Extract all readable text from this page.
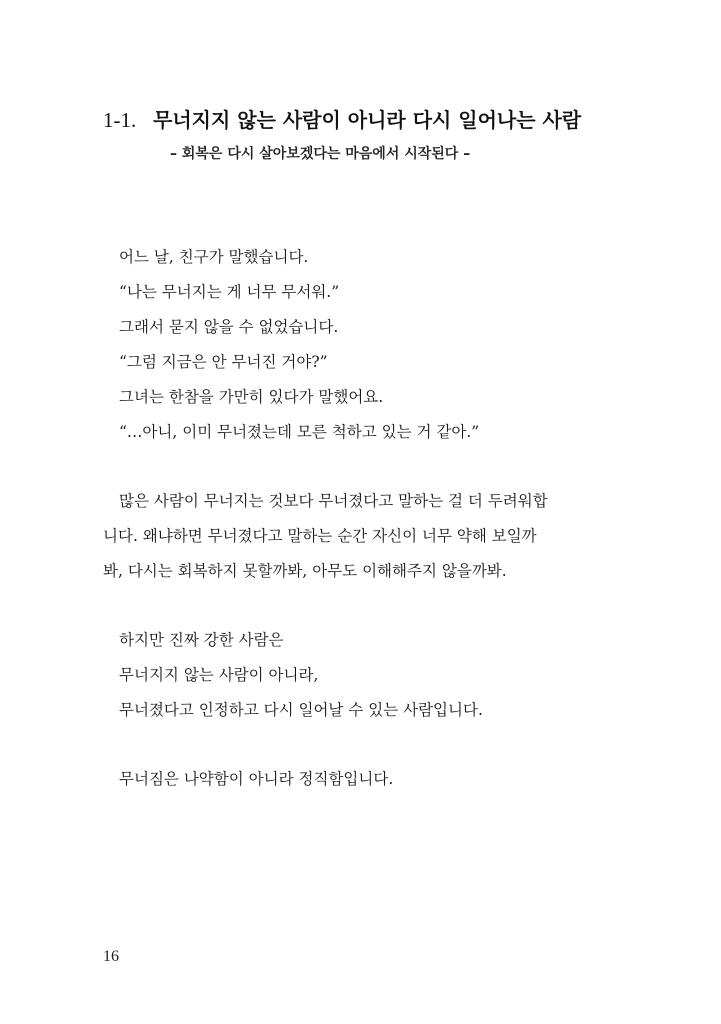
1-1. 무너지지 않는 사람이 아니라 다시 일어나는 사람
– 회복은 다시 살아보겠다는 마음에서 시작된다 –
어느 날, 친구가 말했습니다.
“나는 무너지는 게 너무 무서워.”
그래서 묻지 않을 수 없었습니다.
“그럼 지금은 안 무너진 거야?”
그녀는 한참을 가만히 있다가 말했어요.
“…아니, 이미 무너졌는데 모른 척하고 있는 거 같아.”
많은 사람이 무너지는 것보다 무너졌다고 말하는 걸 더 두려워합
니다. 왜냐하면 무너졌다고 말하는 순간 자신이 너무 약해 보일까
봐, 다시는 회복하지 못할까봐, 아무도 이해해주지 않을까봐.
하지만 진짜 강한 사람은
무너지지 않는 사람이 아니라,
무너졌다고 인정하고 다시 일어날 수 있는 사람입니다.
무너짐은 나약함이 아니라 정직함입니다.
16
